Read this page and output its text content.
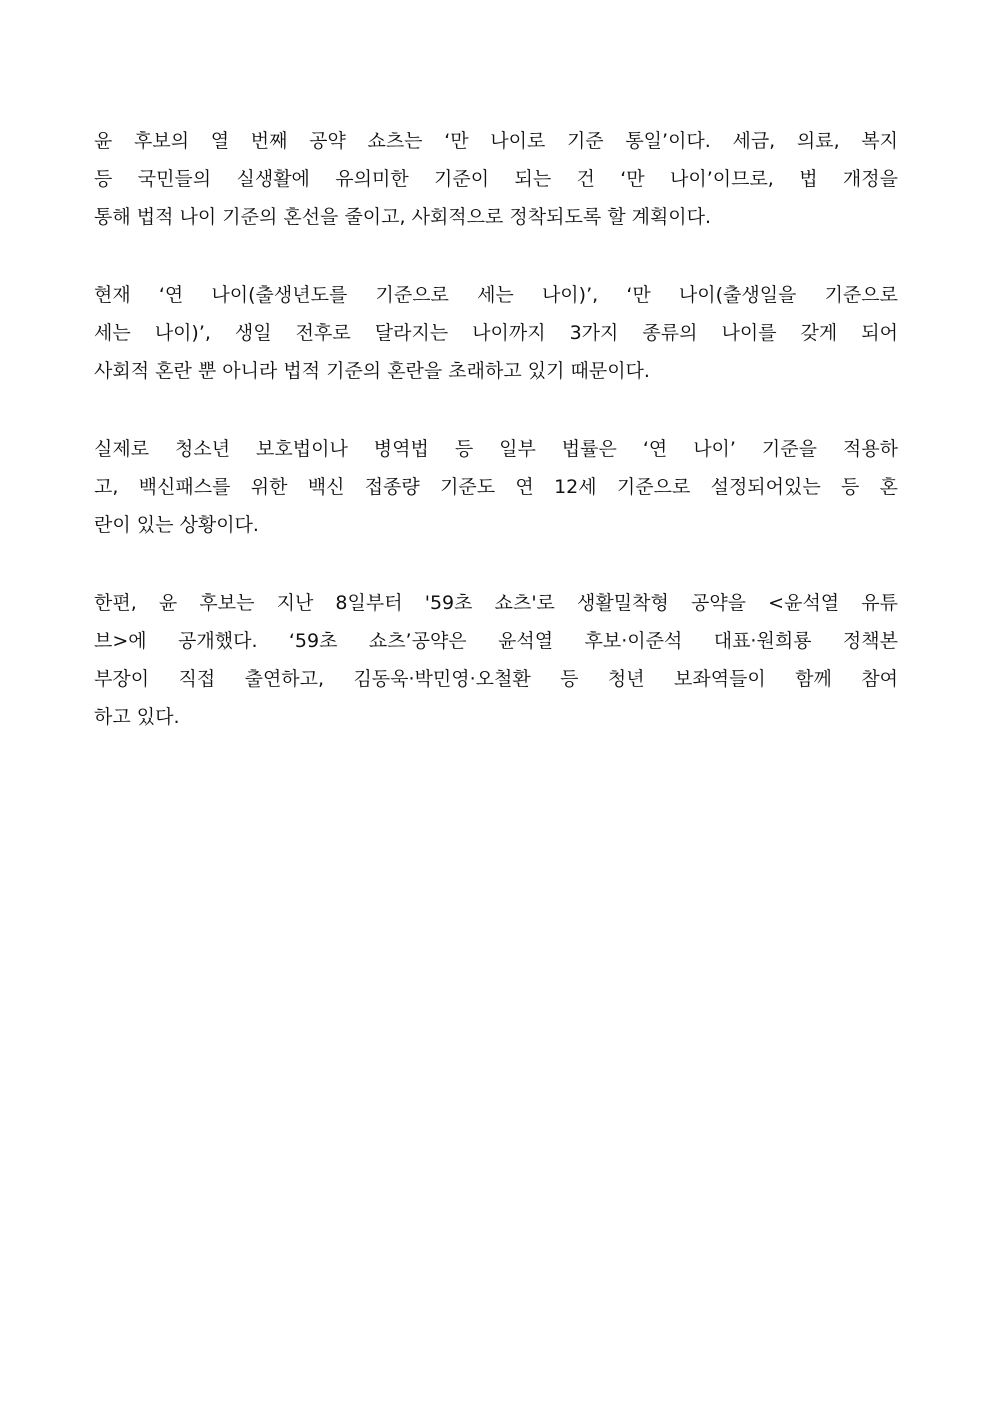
윤 후보의 열 번째 공약 쇼츠는 ‘만 나이로 기준 통일’이다. 세금, 의료, 복지
등 국민들의 실생활에 유의미한 기준이 되는 건 ‘만 나이’이므로, 법 개정을
통해 법적 나이 기준의 혼선을 줄이고, 사회적으로 정착되도록 할 계획이다.

현재 ‘연 나이(출생년도를 기준으로 세는 나이)’, ‘만 나이(출생일을 기준으로
세는 나이)’, 생일 전후로 달라지는 나이까지 3가지 종류의 나이를 갖게 되어
사회적 혼란 뿐 아니라 법적 기준의 혼란을 초래하고 있기 때문이다.

실제로 청소년 보호법이나 병역법 등 일부 법률은 ‘연 나이’ 기준을 적용하
고, 백신패스를 위한 백신 접종량 기준도 연 12세 기준으로 설정되어있는 등 혼
란이 있는 상황이다.

한편, 윤 후보는 지난 8일부터 '59초 쇼츠'로 생활밀착형 공약을 <윤석열 유튜
브>에 공개했다. ‘59초 쇼츠’공약은 윤석열 후보·이준석 대표·원희룡 정책본
부장이 직접 출연하고, 김동욱·박민영·오철환 등 청년 보좌역들이 함께 참여
하고 있다.
